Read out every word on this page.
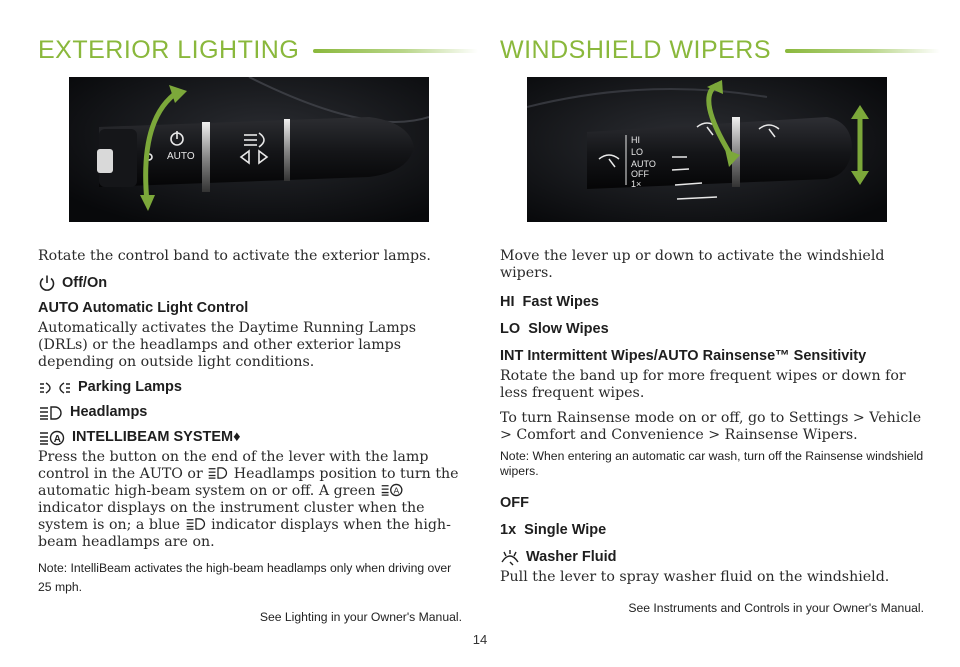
EXTERIOR LIGHTING
AUTO

Rotate the control band to activate the exterior lamps.

Off/On
AUTO Automatic Light Control

Automatically activates the Daytime Running Lamps (DRLs) or the headlamps and other exterior lamps depending on outside light conditions.

Parking Lamps
Headlamps
A INTELLIBEAM SYSTEM♦

Press the button on the end of the lever with the lamp control in the AUTO or Headlamps position to turn the automatic high-beam system on or off. A green A
indicator displays on the instrument cluster when the system is on; a blue indicator displays when the high-beam headlamps are on.

Note: IntelliBeam activates the high-beam headlamps only when driving over 25 mph.

See Lighting in your Owner's Manual.

WINDSHIELD WIPERS
HI
LO
AUTO
OFF
1×

Move the lever up or down to activate the windshield wipers.

HI  Fast Wipes
LO  Slow Wipes
INT Intermittent Wipes/AUTO Rainsense™ Sensitivity

Rotate the band up for more frequent wipes or down for less frequent wipes.

To turn Rainsense mode on or off, go to Settings > Vehicle > Comfort and Convenience > Rainsense Wipers.

Note: When entering an automatic car wash, turn off the Rainsense windshield wipers.

OFF
1x  Single Wipe
Washer Fluid

Pull the lever to spray washer fluid on the windshield.

See Instruments and Controls in your Owner's Manual.

14
